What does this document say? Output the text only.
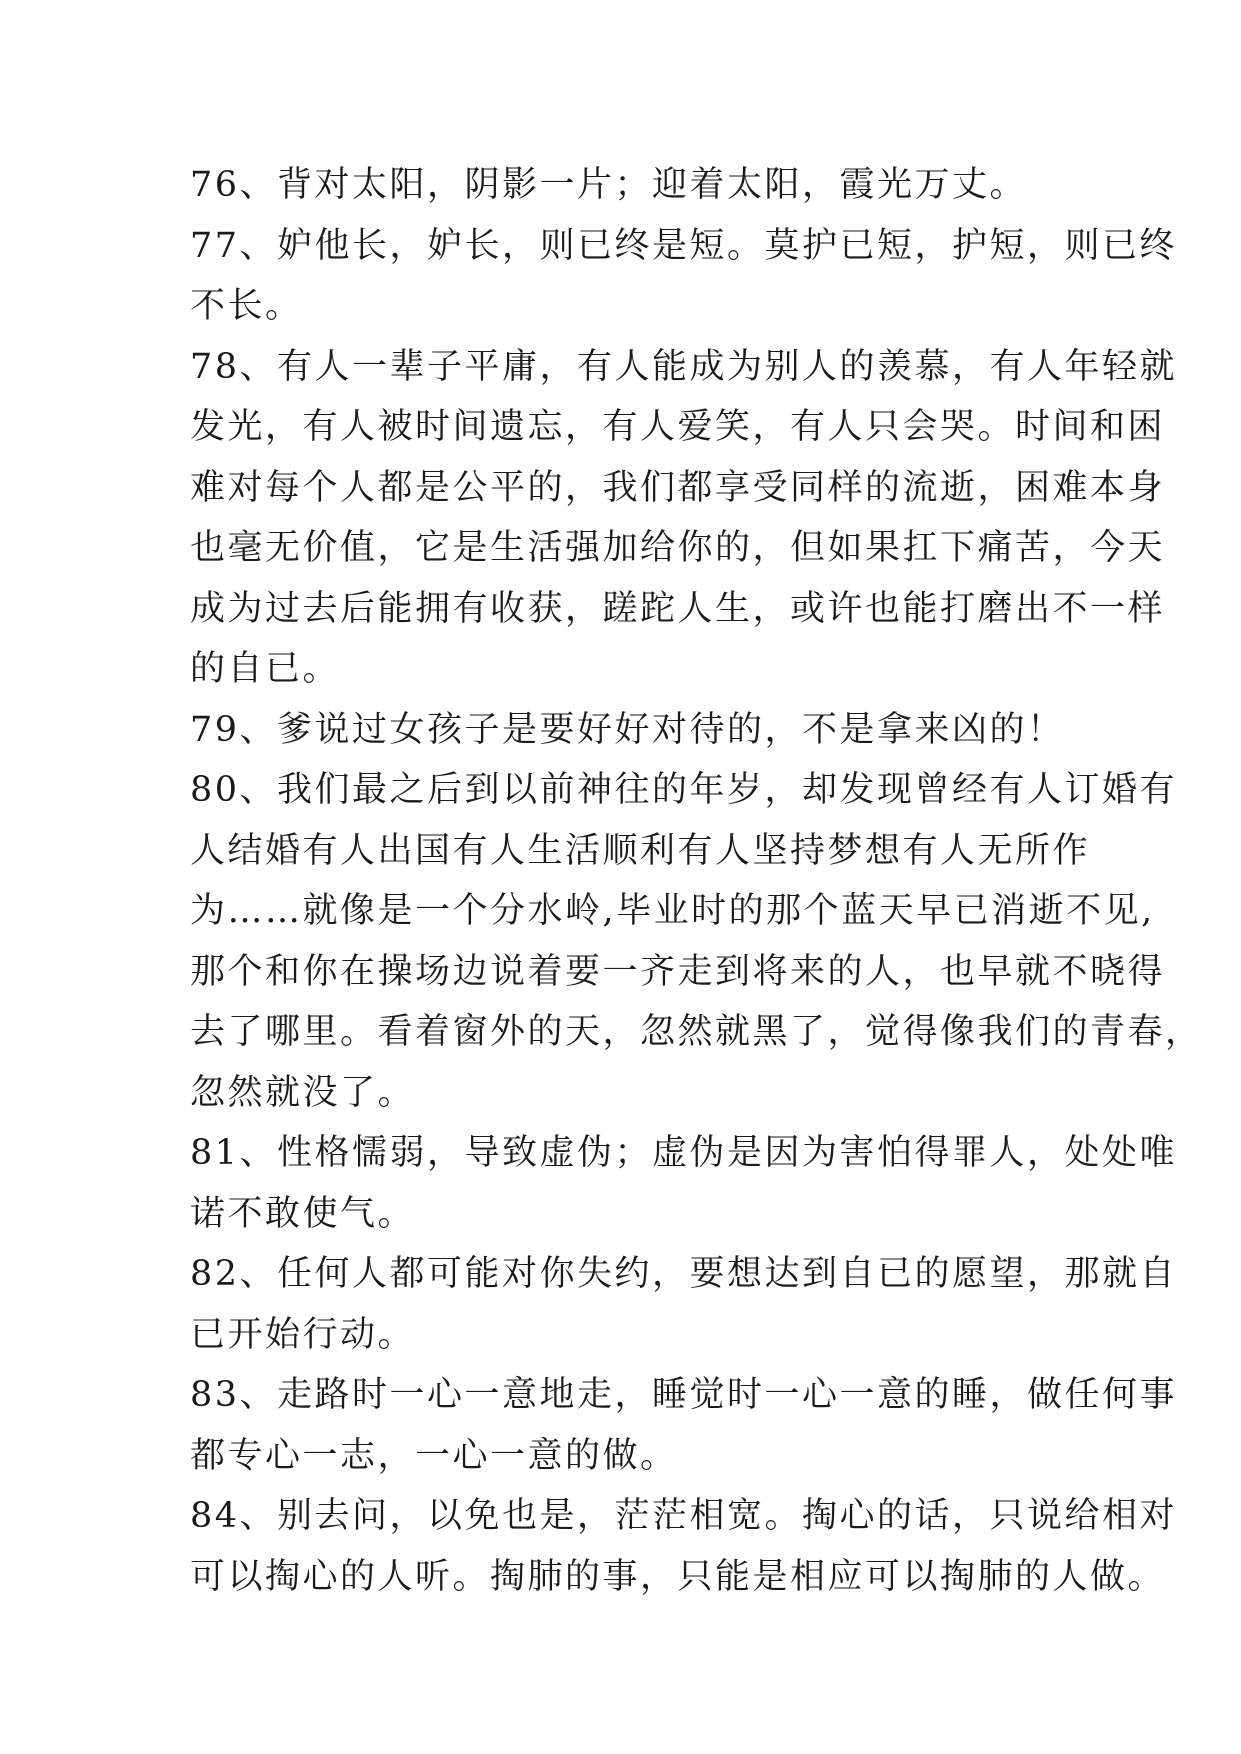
76、背对太阳，阴影一片；迎着太阳，霞光万丈。
77、妒他长，妒长，则已终是短。莫护已短，护短，则已终
不长。
78、有人一辈子平庸，有人能成为别人的羡慕，有人年轻就
发光，有人被时间遗忘，有人爱笑，有人只会哭。时间和困
难对每个人都是公平的，我们都享受同样的流逝，困难本身
也毫无价值，它是生活强加给你的，但如果扛下痛苦，今天
成为过去后能拥有收获，蹉跎人生，或许也能打磨出不一样
的自已。
79、爹说过女孩子是要好好对待的，不是拿来凶的！
80、我们最之后到以前神往的年岁，却发现曾经有人订婚有
人结婚有人出国有人生活顺利有人坚持梦想有人无所作
为……就像是一个分水岭,毕业时的那个蓝天早已消逝不见,
那个和你在操场边说着要一齐走到将来的人，也早就不晓得
去了哪里。看着窗外的天，忽然就黑了，觉得像我们的青春，
忽然就没了。
81、性格懦弱，导致虚伪；虚伪是因为害怕得罪人，处处唯
诺不敢使气。
82、任何人都可能对你失约，要想达到自已的愿望，那就自
已开始行动。
83、走路时一心一意地走，睡觉时一心一意的睡，做任何事
都专心一志，一心一意的做。
84、别去问，以免也是，茫茫相宽。掏心的话，只说给相对
可以掏心的人听。掏肺的事，只能是相应可以掏肺的人做。
